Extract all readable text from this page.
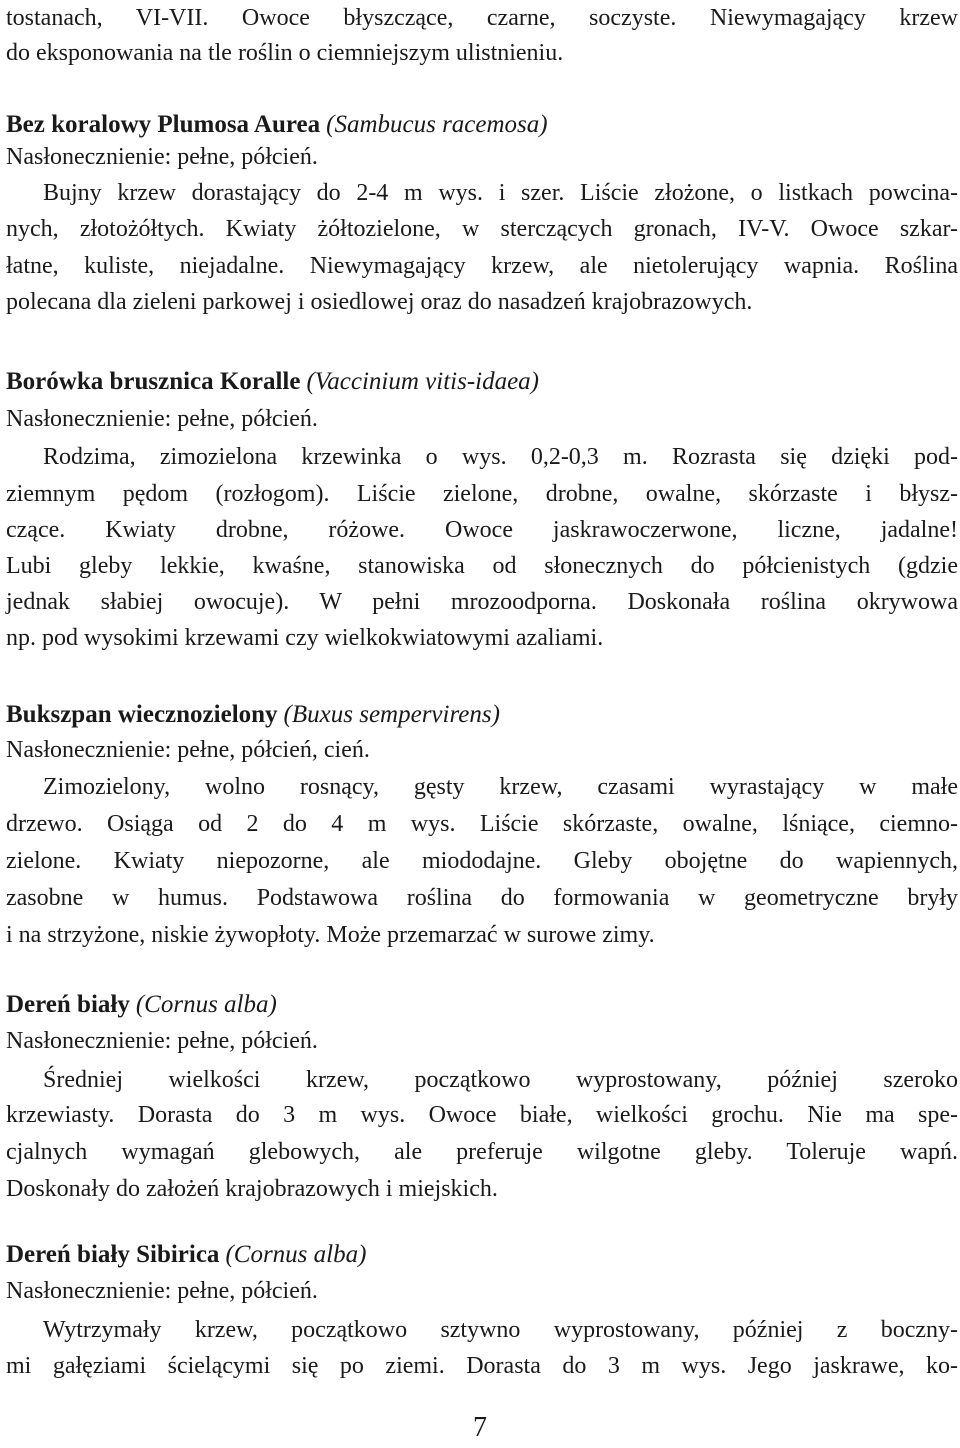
tostanach, VI-VII. Owoce błyszczące, czarne, soczyste. Niewymagający krzew
do eksponowania na tle roślin o ciemniejszym ulistnieniu.
Bez koralowy Plumosa Aurea (Sambucus racemosa)
Nasłonecznienie: pełne, półcień.
Bujny krzew dorastający do 2-4 m wys. i szer. Liście złożone, o listkach powcina-
nych, złotożółtych. Kwiaty żółtozielone, w sterczących gronach, IV-V. Owoce szkar-
łatne, kuliste, niejadalne. Niewymagający krzew, ale nietolerujący wapnia. Roślina
polecana dla zieleni parkowej i osiedlowej oraz do nasadzeń krajobrazowych.
Borówka brusznica Koralle (Vaccinium vitis-idaea)
Nasłonecznienie: pełne, półcień.
Rodzima, zimozielona krzewinka o wys. 0,2-0,3 m. Rozrasta się dzięki pod-
ziemnym pędom (rozłogom). Liście zielone, drobne, owalne, skórzaste i błysz-
czące. Kwiaty drobne, różowe. Owoce jaskrawoczerwone, liczne, jadalne!
Lubi gleby lekkie, kwaśne, stanowiska od słonecznych do półcienistych (gdzie
jednak słabiej owocuje). W pełni mrozoodporna. Doskonała roślina okrywowa
np. pod wysokimi krzewami czy wielkokwiatowymi azaliami.
Bukszpan wiecznozielony (Buxus sempervirens)
Nasłonecznienie: pełne, półcień, cień.
Zimozielony, wolno rosnący, gęsty krzew, czasami wyrastający w małe
drzewo. Osiąga od 2 do 4 m wys. Liście skórzaste, owalne, lśniące, ciemno-
zielone. Kwiaty niepozorne, ale miododajne. Gleby obojętne do wapiennych,
zasobne w humus. Podstawowa roślina do formowania w geometryczne bryły
i na strzyżone, niskie żywopłoty. Może przemarzać w surowe zimy.
Dereń biały (Cornus alba)
Nasłonecznienie: pełne, półcień.
Średniej wielkości krzew, początkowo wyprostowany, później szeroko
krzewiasty. Dorasta do 3 m wys. Owoce białe, wielkości grochu. Nie ma spe-
cjalnych wymagań glebowych, ale preferuje wilgotne gleby. Toleruje wapń.
Doskonały do założeń krajobrazowych i miejskich.
Dereń biały Sibirica (Cornus alba)
Nasłonecznienie: pełne, półcień.
Wytrzymały krzew, początkowo sztywno wyprostowany, później z boczny-
mi gałęziami ścielącymi się po ziemi. Dorasta do 3 m wys. Jego jaskrawe, ko-
7
